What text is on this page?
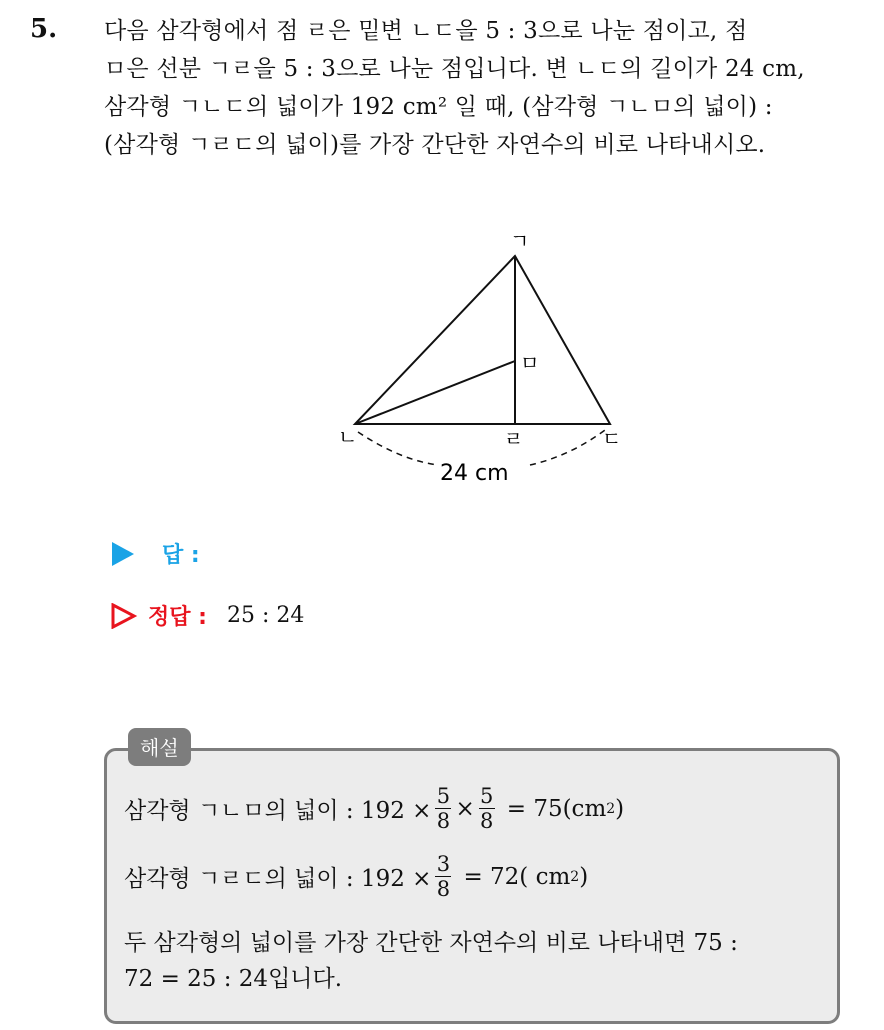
5. 다음 삼각형에서 점 ㄹ은 밑변 ㄴㄷ을 5 : 3으로 나눈 점이고, 점

ㅁ은 선분 ㄱㄹ을 5 : 3으로 나눈 점입니다. 변 ㄴㄷ의 길이가 24 cm,

삼각형 ㄱㄴㄷ의 넓이가 192 cm² 일 때, (삼각형 ㄱㄴㅁ의 넓이) :

(삼각형 ㄱㄹㄷ의 넓이)를 가장 간단한 자연수의 비로 나타내시오.

ㄱ
ㄴ	ㄹ	ㄷ
ㅁ
24 cm
답 :
정답 : 25 : 24
해설
삼각형 ㄱㄴㅁ의 넓이 : $192 \times \frac{5}{8} \times \frac{5}{8} = 75(cm$ 2 )
삼각형 ㄱㄹㄷ의 넓이 : $192 \times \frac{3}{8} = 72$( cm 2 )
두 삼각형의 넓이를 가장 간단한 자연수의 비로 나타내면 75 :
72 = 25 : 24입니다.
